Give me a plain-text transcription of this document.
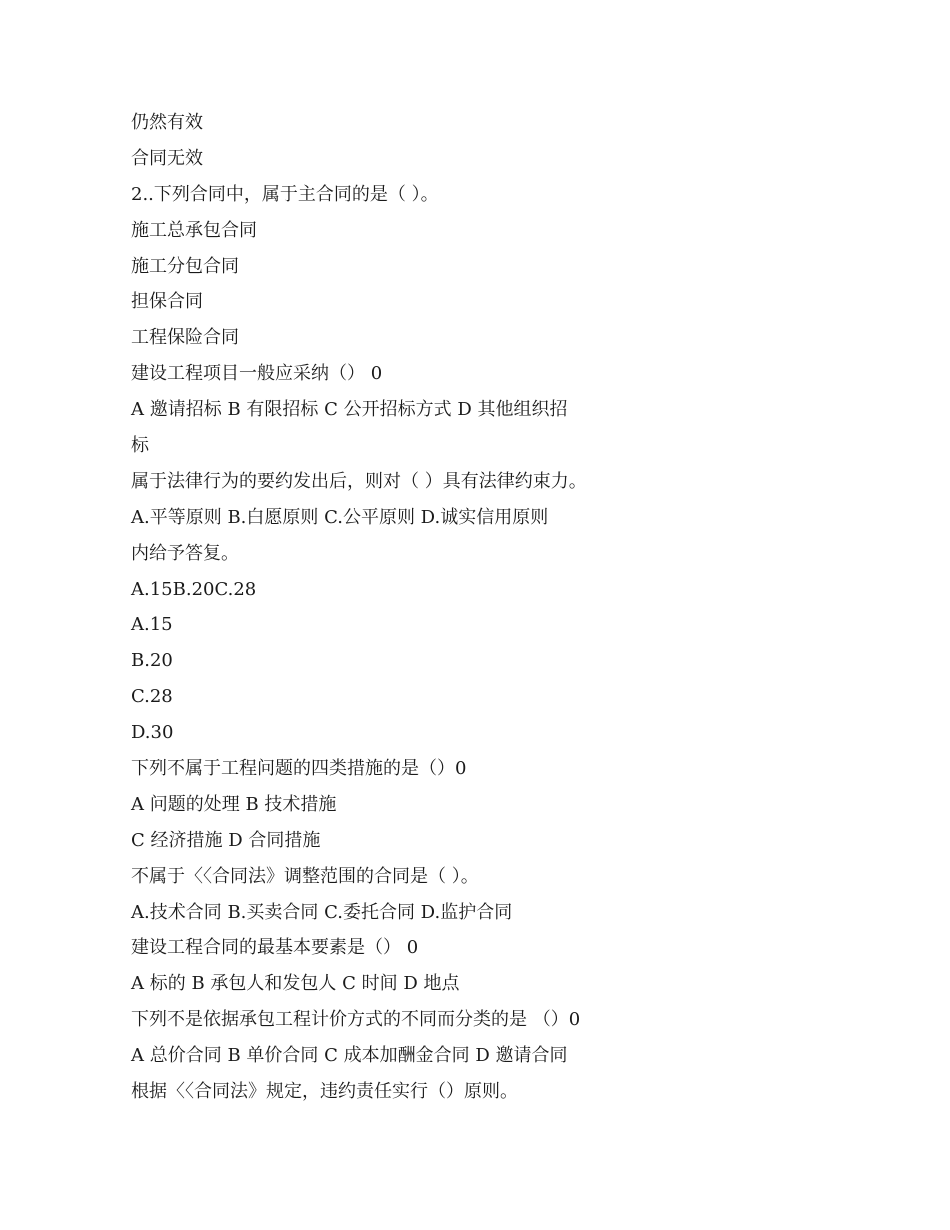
仍然有效

合同无效

2..下列合同中，属于主合同的是（ ）。

施工总承包合同

施工分包合同

担保合同

工程保险合同

建设工程项目一般应采纳（） 0

A 邀请招标 B 有限招标 C 公开招标方式 D 其他组织招

标

属于法律行为的要约发出后，则对（ ）具有法律约束力。

A.平等原则 B.白愿原则 C.公平原则 D.诚实信用原则

内给予答复。

A.15B.20C.28

A.15

B.20

C.28

D.30

下列不属于工程问题的四类措施的是（）0

A 问题的处理 B 技术措施

C 经济措施 D 合同措施

不属于〈〈合同法》调整范围的合同是（ ）。

A.技术合同 B.买卖合同 C.委托合同 D.监护合同

建设工程合同的最基本要素是（） 0

A 标的 B 承包人和发包人 C 时间 D 地点

下列不是依据承包工程计价方式的不同而分类的是 （）0

A 总价合同 B 单价合同 C 成本加酬金合同 D 邀请合同

根据〈〈合同法》规定，违约责任实行（）原则。
